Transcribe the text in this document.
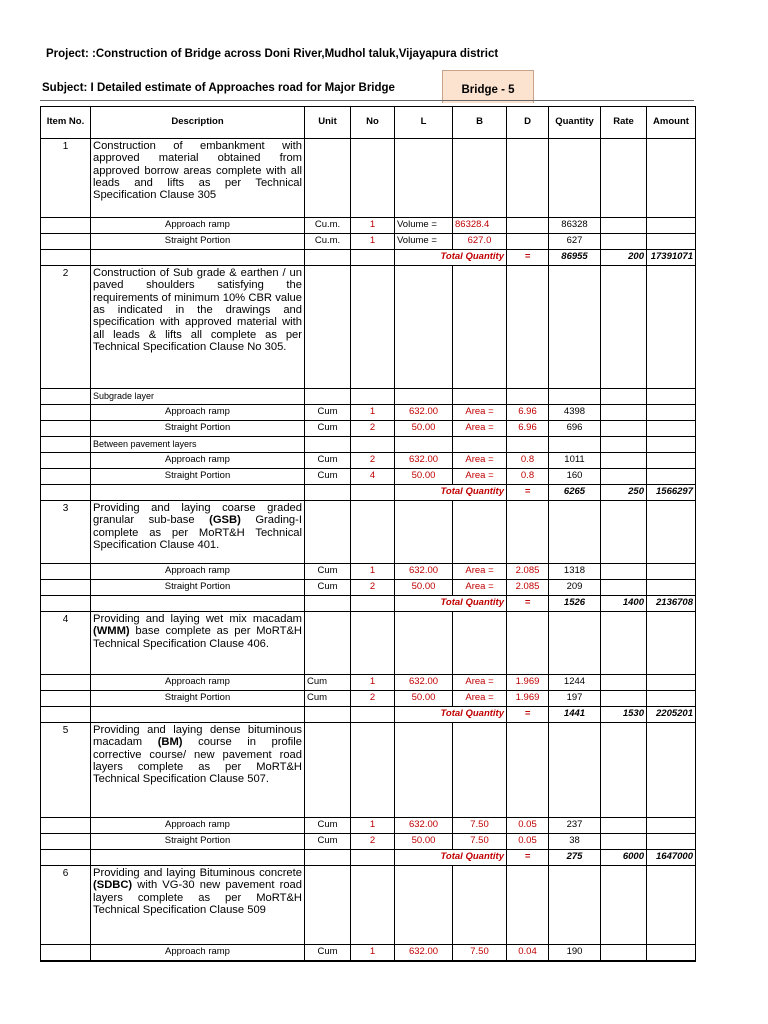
Project: :Construction of Bridge across Doni River,Mudhol taluk,Vijayapura district
Subject: I Detailed estimate of Approaches road for Major Bridge	Bridge - 5
Item No.	Description	Unit	No	L	B	D	Quantity	Rate	Amount
1	Construction of embankment with approved material obtained from approved borrow areas complete with all leads and lifts as per Technical Specification Clause 305								

	Approach ramp	Cu.m.	1	Volume =	86328.4		86328		
	Straight Portion	Cu.m.	1	Volume =	627.0		627		
				Total Quantity		=	86955	200	17391071
2	Construction of Sub grade & earthen / un paved shoulders satisfying the requirements of minimum 10% CBR value as indicated in the drawings and specification with approved material with all leads & lifts all complete as per Technical Specification Clause No 305.								

	Subgrade layer								
	Approach ramp	Cum	1	632.00	Area =	6.96	4398		
	Straight Portion	Cum	2	50.00	Area =	6.96	696		
	Between pavement layers								
	Approach ramp	Cum	2	632.00	Area =	0.8	1011		
	Straight Portion	Cum	4	50.00	Area =	0.8	160		
				Total Quantity		=	6265	250	1566297
3	Providing and laying coarse graded granular sub-base (GSB) Grading-I complete as per MoRT&H Technical Specification Clause 401.								

	Approach ramp	Cum	1	632.00	Area =	2.085	1318		
	Straight Portion	Cum	2	50.00	Area =	2.085	209		
				Total Quantity		=	1526	1400	2136708
4	Providing and laying wet mix macadam (WMM) base complete as per MoRT&H Technical Specification Clause 406.								

	Approach ramp	Cum	1	632.00	Area =	1.969	1244		
	Straight Portion	Cum	2	50.00	Area =	1.969	197		
				Total Quantity		=	1441	1530	2205201
5	Providing and laying dense bituminous macadam (BM) course in profile corrective course/ new pavement road layers complete as per MoRT&H Technical Specification Clause 507.								

	Approach ramp	Cum	1	632.00	7.50	0.05	237		
	Straight Portion	Cum	2	50.00	7.50	0.05	38		
				Total Quantity		=	275	6000	1647000
6	Providing and laying Bituminous concrete (SDBC) with VG-30 new pavement road layers complete as per MoRT&H Technical Specification Clause 509								

	Approach ramp	Cum	1	632.00	7.50	0.04	190		
